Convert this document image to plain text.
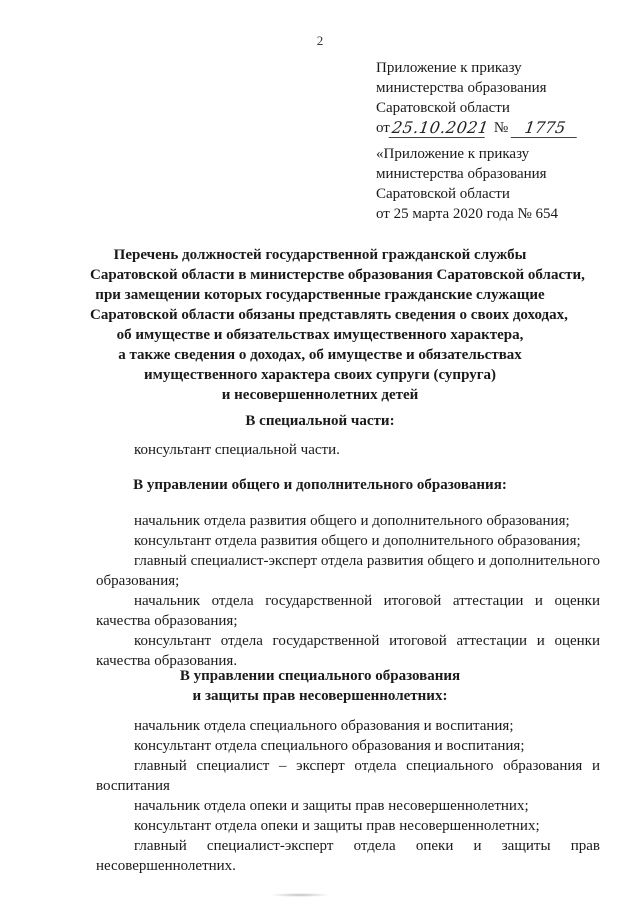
2
Приложение к приказу
министерства образования
Саратовской области
от 25.10.2021 № 1775
«Приложение к приказу
министерства образования
Саратовской области
от 25 марта 2020 года № 654
Перечень должностей государственной гражданской службы
Саратовской области в министерстве образования Саратовской области,
при замещении которых государственные гражданские служащие
Саратовской области обязаны представлять сведения о своих доходах,
об имуществе и обязательствах имущественного характера,
а также сведения о доходах, об имуществе и обязательствах
имущественного характера своих супруги (супруга)
и несовершеннолетних детей
В специальной части:
консультант специальной части.
В управлении общего и дополнительного образования:
начальник отдела развития общего и дополнительного образования;
консультант отдела развития общего и дополнительного образования;
главный специалист-эксперт отдела развития общего и дополнительного образования;
начальник отдела государственной итоговой аттестации и оценки качества образования;
консультант отдела государственной итоговой аттестации и оценки качества образования.
В управлении специального образования
и защиты прав несовершеннолетних:
начальник отдела специального образования и воспитания;
консультант отдела специального образования и воспитания;
главный специалист – эксперт отдела специального образования и воспитания
начальник отдела опеки и защиты прав несовершеннолетних;
консультант отдела опеки и защиты прав несовершеннолетних;
главный специалист-эксперт отдела опеки и защиты прав несовершеннолетних.
